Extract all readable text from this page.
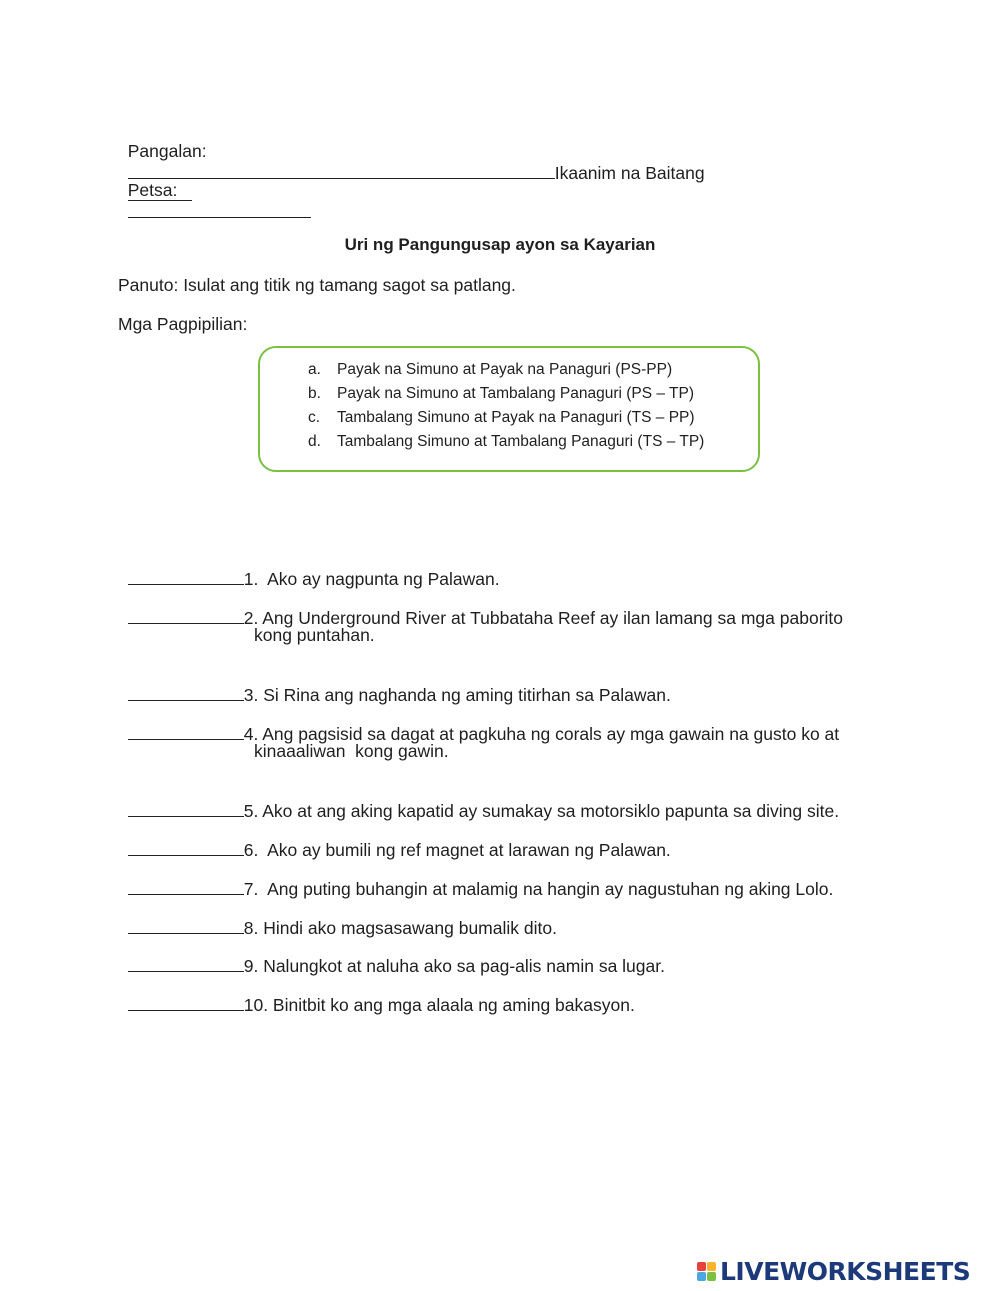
Pangalan:
Ikaanim na Baitang

Petsa:

Uri ng Pangungusap ayon sa Kayarian
Panuto: Isulat ang titik ng tamang sagot sa patlang.
Mga Pagpipilian:
a. Payak na Simuno at Payak na Panaguri (PS-PP)
b. Payak na Simuno at Tambalang Panaguri (PS – TP)
c. Tambalang Simuno at Payak na Panaguri (TS – PP)
d. Tambalang Simuno at Tambalang Panaguri (TS – TP)

1.  Ako ay nagpunta ng Palawan.

2. Ang Underground River at Tubbataha Reef ay ilan lamang sa mga paborito

kong puntahan.

3. Si Rina ang naghanda ng aming titirhan sa Palawan.

4. Ang pagsisid sa dagat at pagkuha ng corals ay mga gawain na gusto ko at

kinaaaliwan  kong gawin.

5. Ako at ang aking kapatid ay sumakay sa motorsiklo papunta sa diving site.

6.  Ako ay bumili ng ref magnet at larawan ng Palawan.

7.  Ang puting buhangin at malamig na hangin ay nagustuhan ng aking Lolo.

8. Hindi ako magsasawang bumalik dito.

9. Nalungkot at naluha ako sa pag-alis namin sa lugar.

10. Binitbit ko ang mga alaala ng aming bakasyon.

LIVEWORKSHEETS
